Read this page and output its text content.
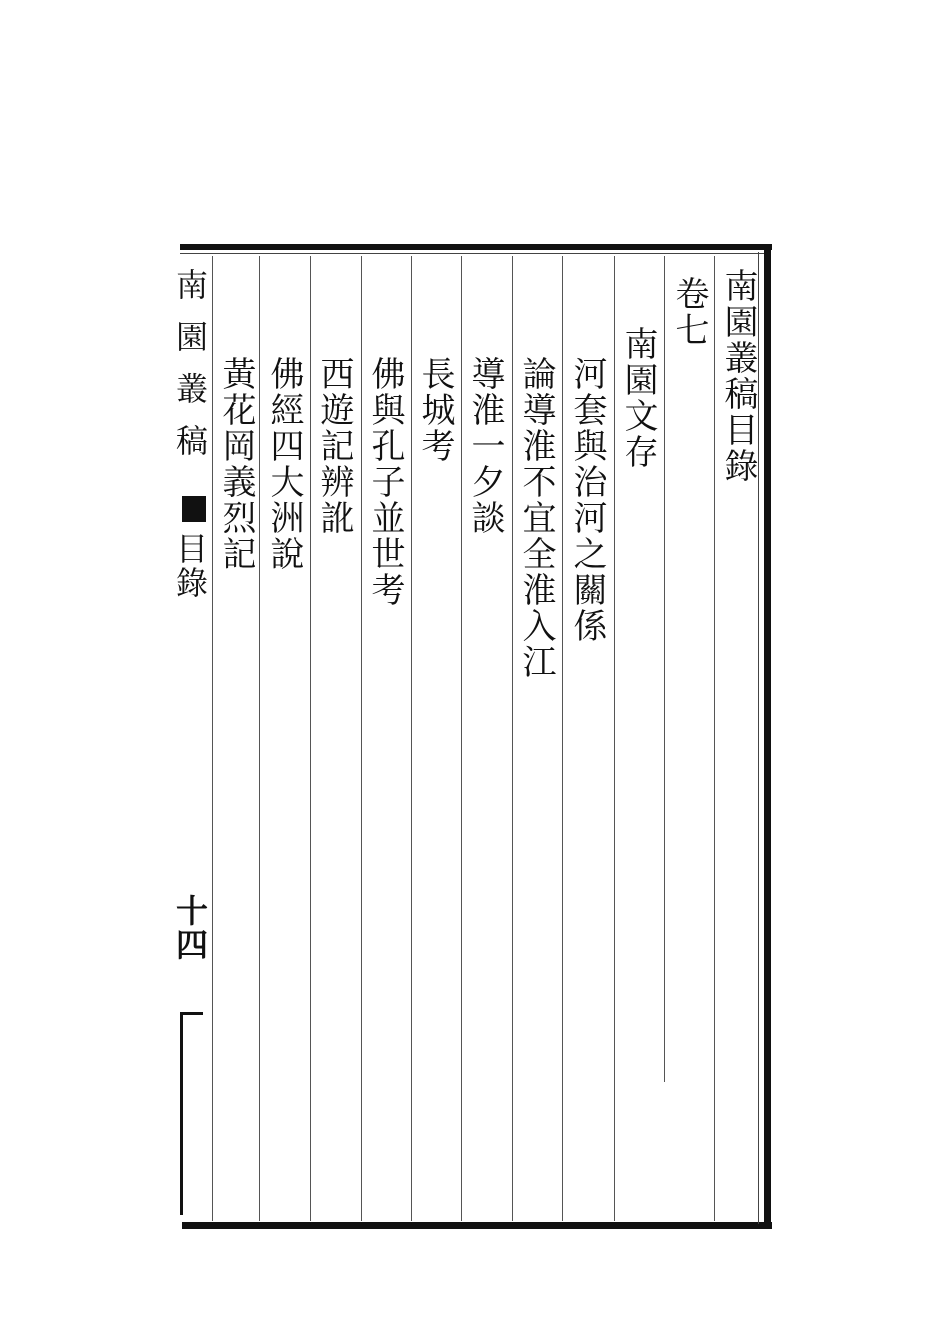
南園叢稿目錄
卷七
南園文存
河套與治河之關係
論導淮不宜全淮入江
導淮一夕談
長城考
佛與孔子並世考
西遊記辨訛
佛經四大洲說
黃花岡義烈記
南園叢稿
目錄
十四
